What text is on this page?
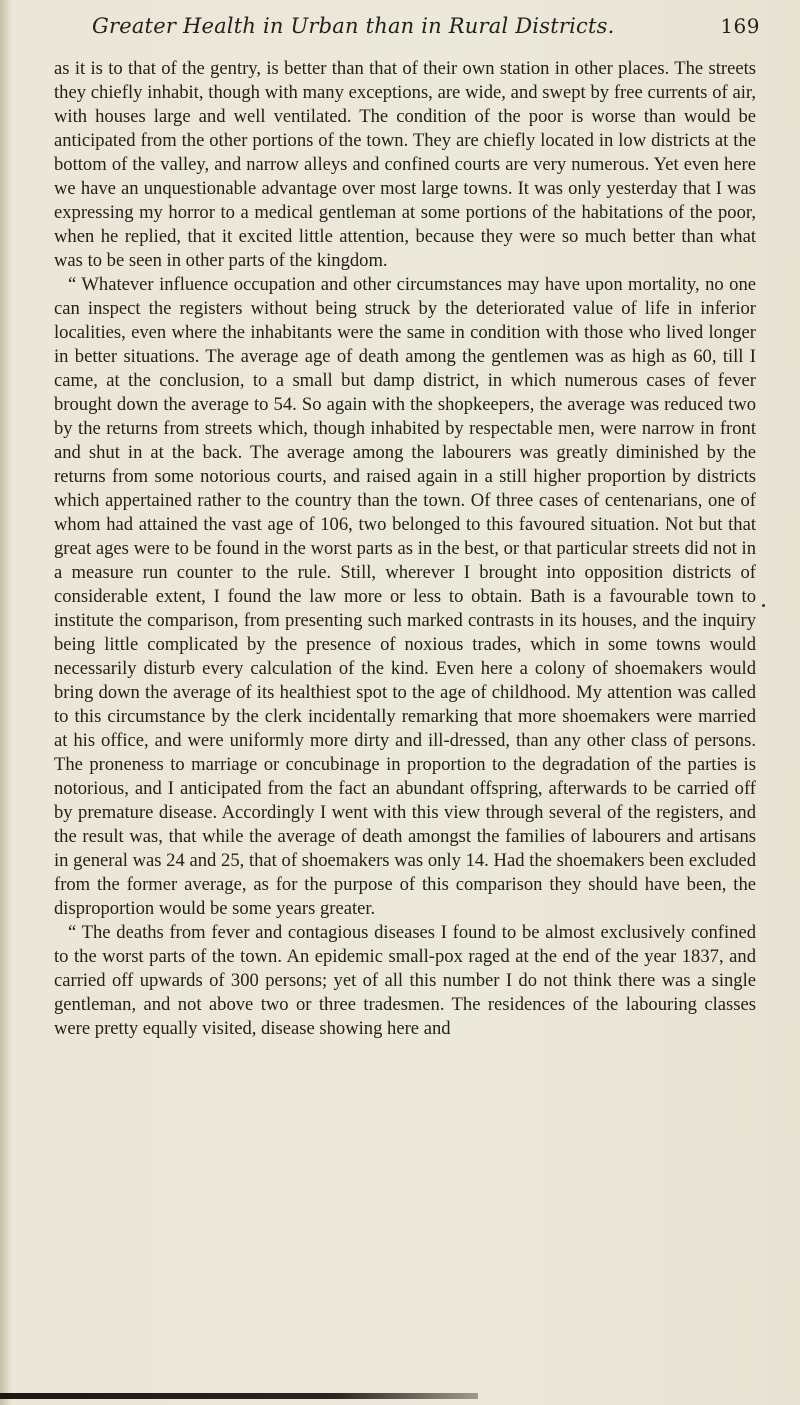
Greater Health in Urban than in Rural Districts.	169

as it is to that of the gentry, is better than that of their own station in other places. The streets they chiefly inhabit, though with many exceptions, are wide, and swept by free currents of air, with houses large and well ventilated. The condition of the poor is worse than would be anticipated from the other portions of the town. They are chiefly located in low districts at the bottom of the valley, and narrow alleys and confined courts are very numerous. Yet even here we have an unquestionable advantage over most large towns. It was only yesterday that I was expressing my horror to a medical gentleman at some portions of the habitations of the poor, when he replied, that it excited little attention, because they were so much better than what was to be seen in other parts of the kingdom.

“ Whatever influence occupation and other circumstances may have upon mortality, no one can inspect the registers without being struck by the deteriorated value of life in inferior localities, even where the inhabitants were the same in condition with those who lived longer in better situations. The average age of death among the gentlemen was as high as 60, till I came, at the conclusion, to a small but damp district, in which numerous cases of fever brought down the average to 54. So again with the shopkeepers, the average was reduced two by the returns from streets which, though inhabited by respectable men, were narrow in front and shut in at the back. The average among the labourers was greatly diminished by the returns from some notorious courts, and raised again in a still higher proportion by districts which appertained rather to the country than the town. Of three cases of centenarians, one of whom had attained the vast age of 106, two belonged to this favoured situation. Not but that great ages were to be found in the worst parts as in the best, or that particular streets did not in a measure run counter to the rule. Still, wherever I brought into opposition districts of considerable extent, I found the law more or less to obtain. Bath is a favourable town to institute the comparison, from presenting such marked contrasts in its houses, and the inquiry being little complicated by the presence of noxious trades, which in some towns would necessarily disturb every calculation of the kind. Even here a colony of shoemakers would bring down the average of its healthiest spot to the age of childhood. My attention was called to this circumstance by the clerk incidentally remarking that more shoemakers were married at his office, and were uniformly more dirty and ill-dressed, than any other class of persons. The proneness to marriage or concubinage in proportion to the degradation of the parties is notorious, and I anticipated from the fact an abundant offspring, afterwards to be carried off by premature disease. Accordingly I went with this view through several of the registers, and the result was, that while the average of death amongst the families of labourers and artisans in general was 24 and 25, that of shoemakers was only 14. Had the shoemakers been excluded from the former average, as for the purpose of this comparison they should have been, the disproportion would be some years greater.

“ The deaths from fever and contagious diseases I found to be almost exclusively confined to the worst parts of the town. An epidemic small-pox raged at the end of the year 1837, and carried off upwards of 300 persons; yet of all this number I do not think there was a single gentleman, and not above two or three tradesmen. The residences of the labouring classes were pretty equally visited, disease showing here and
